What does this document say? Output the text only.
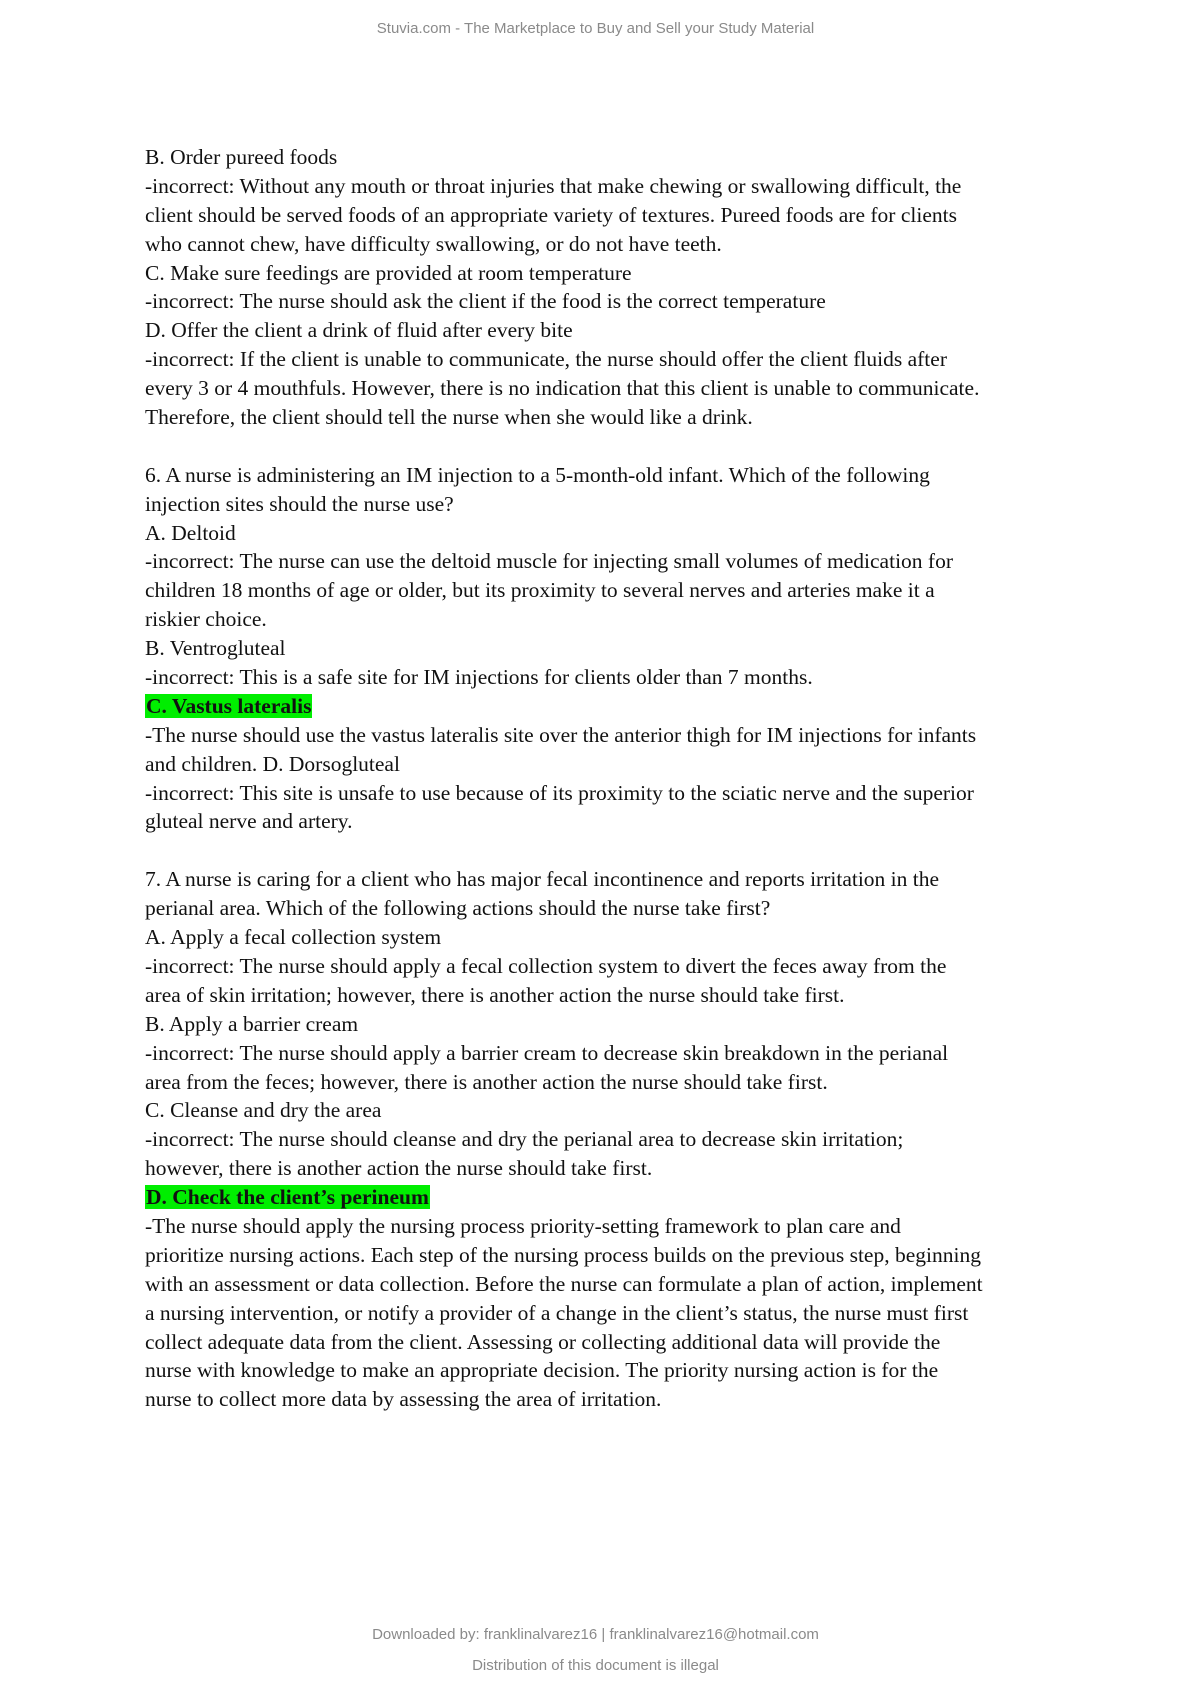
Stuvia.com - The Marketplace to Buy and Sell your Study Material
B. Order pureed foods
-incorrect: Without any mouth or throat injuries that make chewing or swallowing difficult, the
client should be served foods of an appropriate variety of textures. Pureed foods are for clients
who cannot chew, have difficulty swallowing, or do not have teeth.
C. Make sure feedings are provided at room temperature
-incorrect: The nurse should ask the client if the food is the correct temperature
D. Offer the client a drink of fluid after every bite
-incorrect: If the client is unable to communicate, the nurse should offer the client fluids after
every 3 or 4 mouthfuls. However, there is no indication that this client is unable to communicate.
Therefore, the client should tell the nurse when she would like a drink.
6. A nurse is administering an IM injection to a 5-month-old infant. Which of the following
injection sites should the nurse use?
A. Deltoid
-incorrect: The nurse can use the deltoid muscle for injecting small volumes of medication for
children 18 months of age or older, but its proximity to several nerves and arteries make it a
riskier choice.
B. Ventrogluteal
-incorrect: This is a safe site for IM injections for clients older than 7 months.
C. Vastus lateralis
-The nurse should use the vastus lateralis site over the anterior thigh for IM injections for infants
and children. D. Dorsogluteal
-incorrect: This site is unsafe to use because of its proximity to the sciatic nerve and the superior
gluteal nerve and artery.
7. A nurse is caring for a client who has major fecal incontinence and reports irritation in the
perianal area. Which of the following actions should the nurse take first?
A. Apply a fecal collection system
-incorrect: The nurse should apply a fecal collection system to divert the feces away from the
area of skin irritation; however, there is another action the nurse should take first.
B. Apply a barrier cream
-incorrect: The nurse should apply a barrier cream to decrease skin breakdown in the perianal
area from the feces; however, there is another action the nurse should take first.
C. Cleanse and dry the area
-incorrect: The nurse should cleanse and dry the perianal area to decrease skin irritation;
however, there is another action the nurse should take first.
D. Check the client’s perineum
-The nurse should apply the nursing process priority-setting framework to plan care and
prioritize nursing actions. Each step of the nursing process builds on the previous step, beginning
with an assessment or data collection. Before the nurse can formulate a plan of action, implement
a nursing intervention, or notify a provider of a change in the client’s status, the nurse must first
collect adequate data from the client. Assessing or collecting additional data will provide the
nurse with knowledge to make an appropriate decision. The priority nursing action is for the
nurse to collect more data by assessing the area of irritation.
Downloaded by: franklinalvarez16 | franklinalvarez16@hotmail.com
Distribution of this document is illegal
